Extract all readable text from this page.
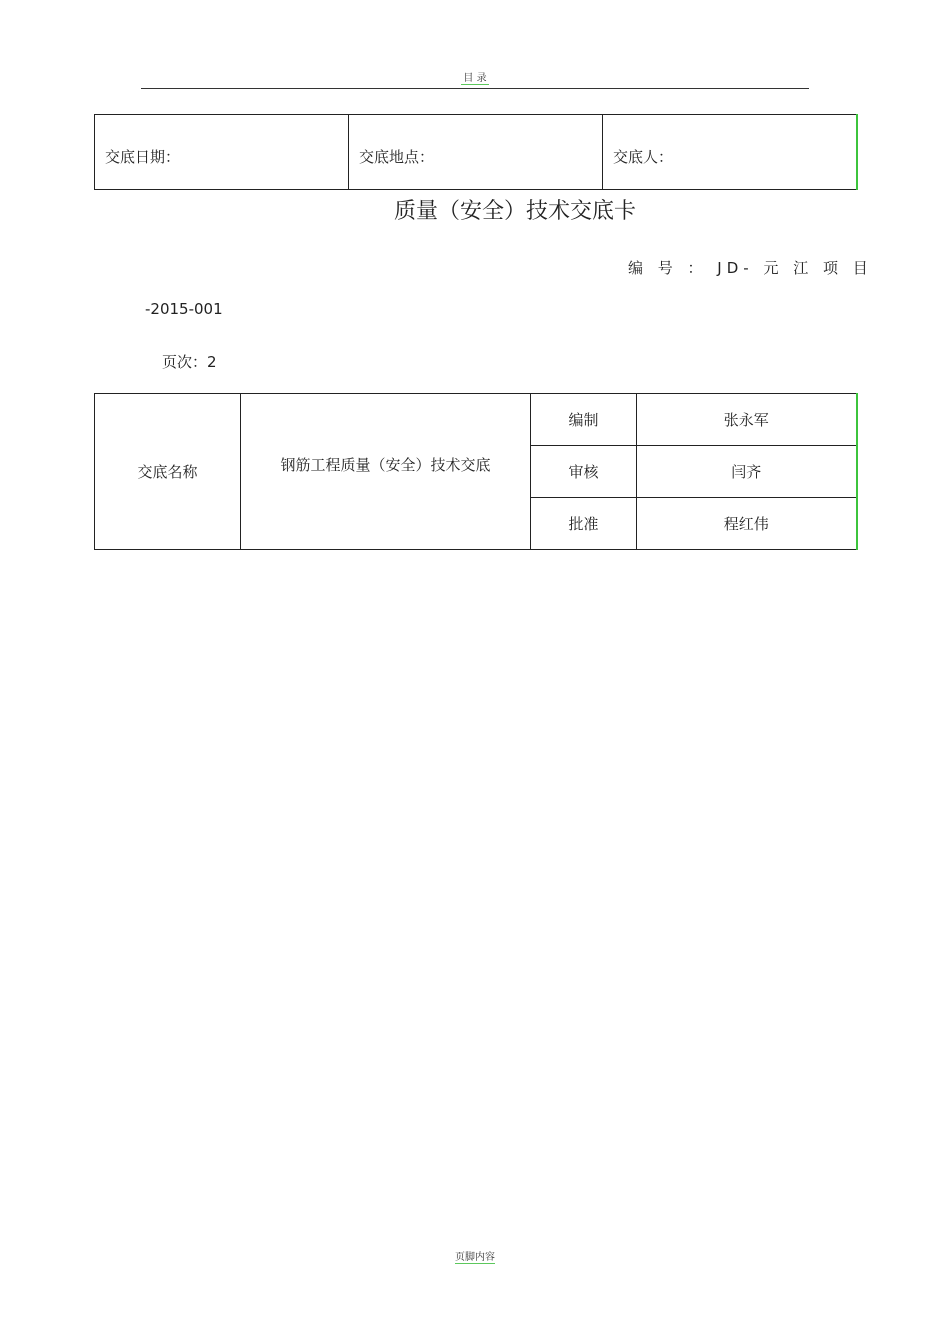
目 录
交底日期：	交底地点：	交底人：
质量（安全）技术交底卡
编 号 ： JD- 元 江 项 目
-2015-001
页次：2
交底名称	钢筋工程质量（安全）技术交底	编制	张永军
		审核	闫齐
		批准	程红伟
页脚内容
